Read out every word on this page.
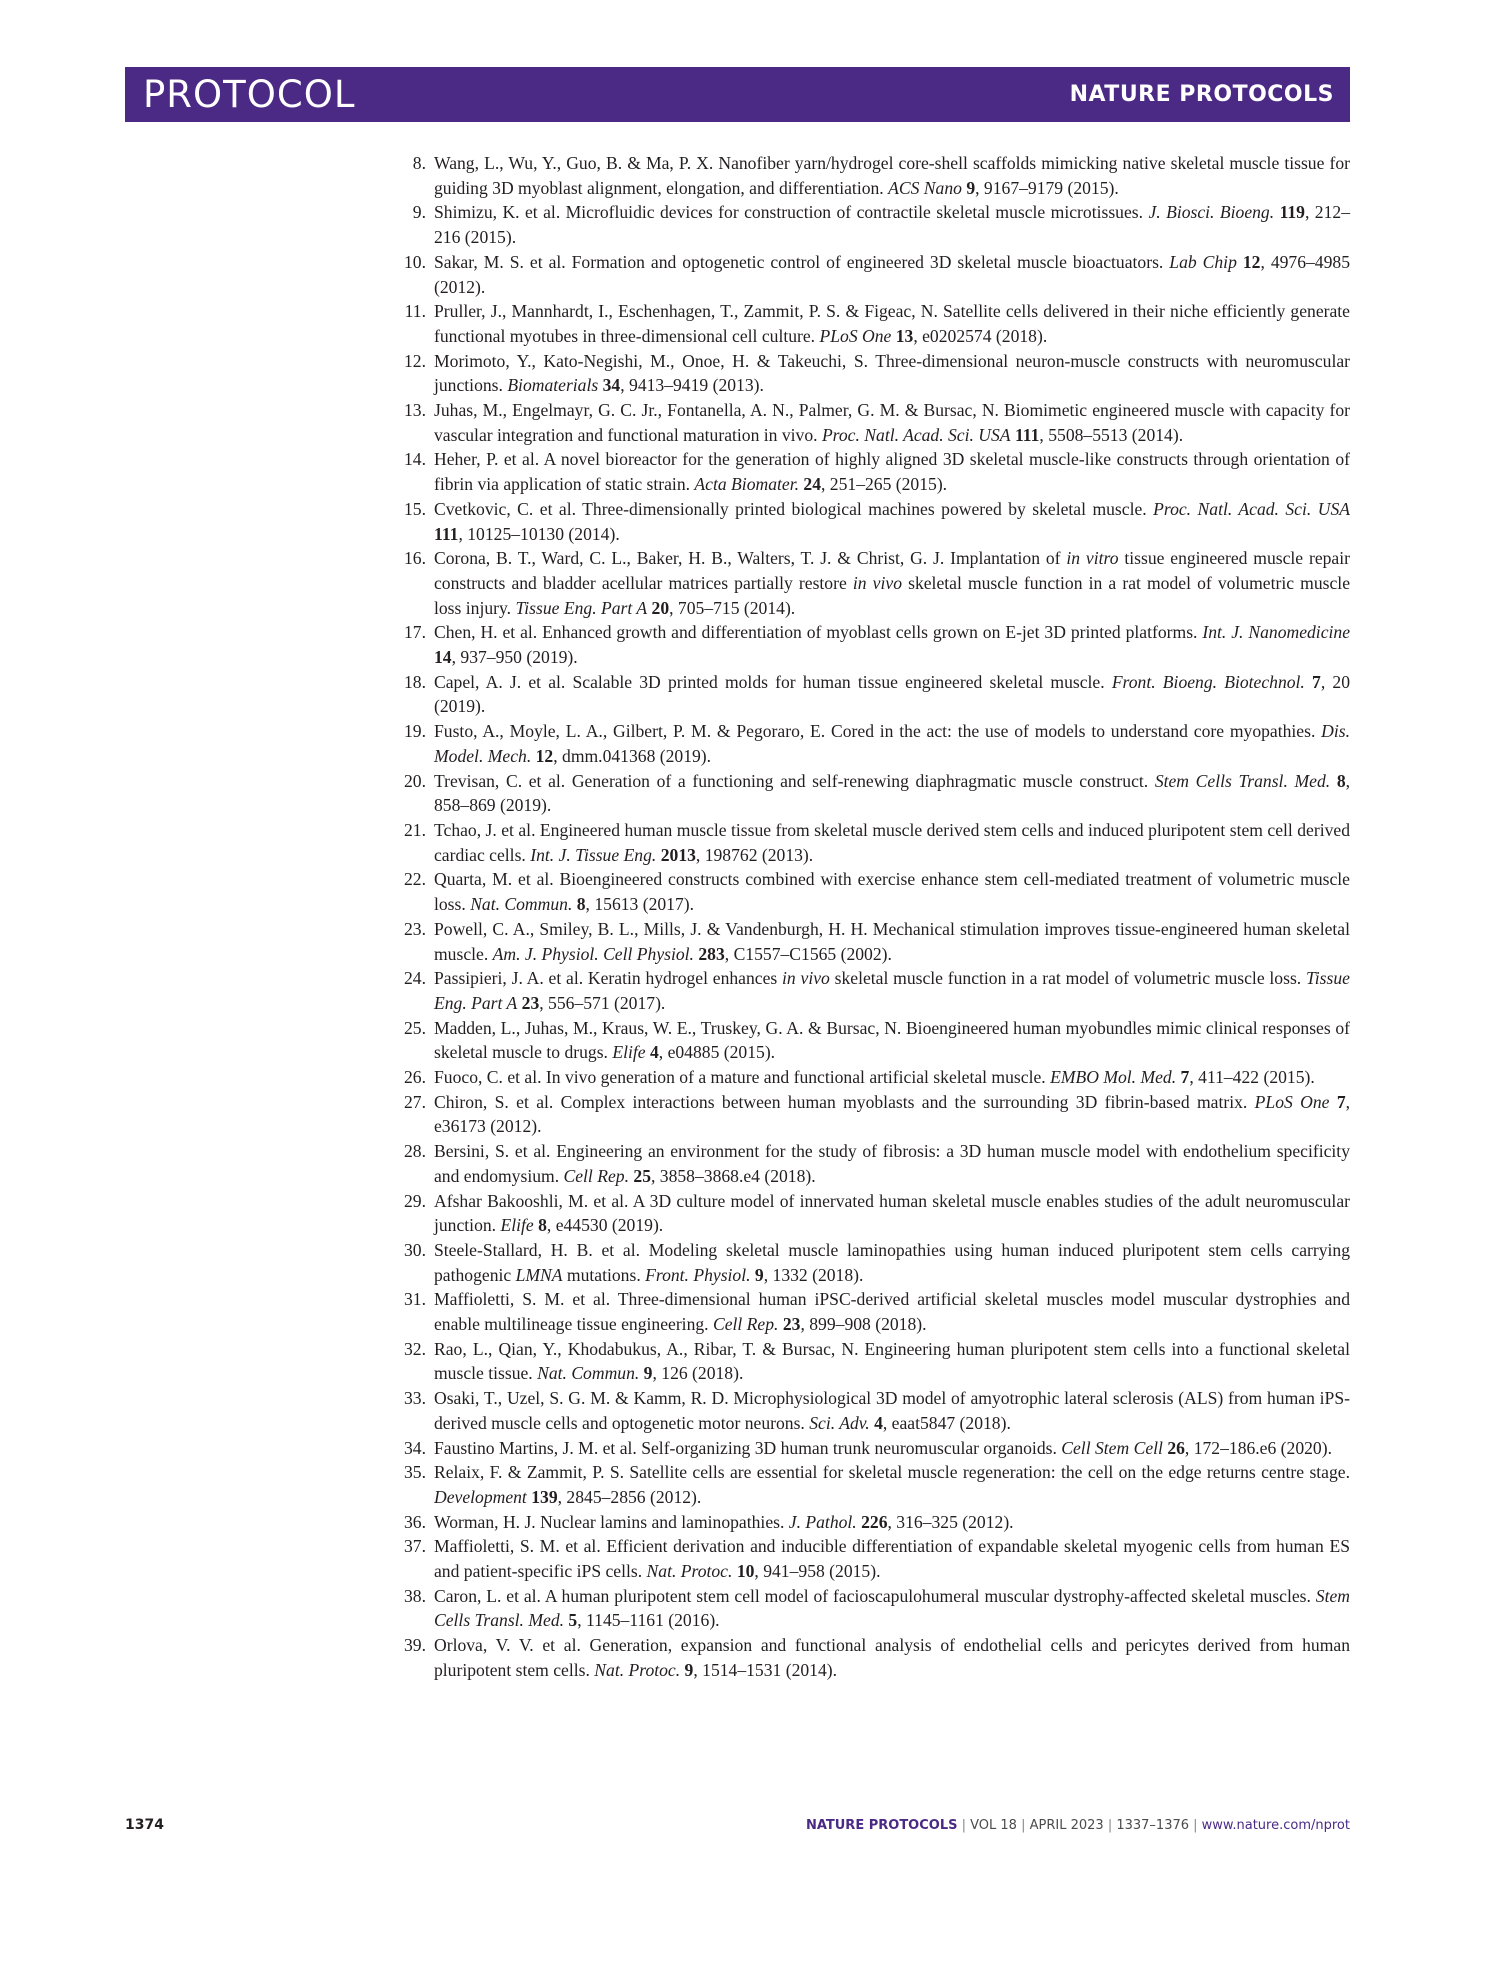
PROTOCOL	NATURE PROTOCOLS
8. Wang, L., Wu, Y., Guo, B. & Ma, P. X. Nanofiber yarn/hydrogel core-shell scaffolds mimicking native skeletal muscle tissue for guiding 3D myoblast alignment, elongation, and differentiation. ACS Nano 9, 9167–9179 (2015).
9. Shimizu, K. et al. Microfluidic devices for construction of contractile skeletal muscle microtissues. J. Biosci. Bioeng. 119, 212–216 (2015).
10. Sakar, M. S. et al. Formation and optogenetic control of engineered 3D skeletal muscle bioactuators. Lab Chip 12, 4976–4985 (2012).
11. Pruller, J., Mannhardt, I., Eschenhagen, T., Zammit, P. S. & Figeac, N. Satellite cells delivered in their niche efficiently generate functional myotubes in three-dimensional cell culture. PLoS One 13, e0202574 (2018).
12. Morimoto, Y., Kato-Negishi, M., Onoe, H. & Takeuchi, S. Three-dimensional neuron-muscle constructs with neuromuscular junctions. Biomaterials 34, 9413–9419 (2013).
13. Juhas, M., Engelmayr, G. C. Jr., Fontanella, A. N., Palmer, G. M. & Bursac, N. Biomimetic engineered muscle with capacity for vascular integration and functional maturation in vivo. Proc. Natl. Acad. Sci. USA 111, 5508–5513 (2014).
14. Heher, P. et al. A novel bioreactor for the generation of highly aligned 3D skeletal muscle-like constructs through orientation of fibrin via application of static strain. Acta Biomater. 24, 251–265 (2015).
15. Cvetkovic, C. et al. Three-dimensionally printed biological machines powered by skeletal muscle. Proc. Natl. Acad. Sci. USA 111, 10125–10130 (2014).
16. Corona, B. T., Ward, C. L., Baker, H. B., Walters, T. J. & Christ, G. J. Implantation of in vitro tissue engineered muscle repair constructs and bladder acellular matrices partially restore in vivo skeletal muscle function in a rat model of volumetric muscle loss injury. Tissue Eng. Part A 20, 705–715 (2014).
17. Chen, H. et al. Enhanced growth and differentiation of myoblast cells grown on E-jet 3D printed platforms. Int. J. Nanomedicine 14, 937–950 (2019).
18. Capel, A. J. et al. Scalable 3D printed molds for human tissue engineered skeletal muscle. Front. Bioeng. Biotechnol. 7, 20 (2019).
19. Fusto, A., Moyle, L. A., Gilbert, P. M. & Pegoraro, E. Cored in the act: the use of models to understand core myopathies. Dis. Model. Mech. 12, dmm.041368 (2019).
20. Trevisan, C. et al. Generation of a functioning and self-renewing diaphragmatic muscle construct. Stem Cells Transl. Med. 8, 858–869 (2019).
21. Tchao, J. et al. Engineered human muscle tissue from skeletal muscle derived stem cells and induced pluripotent stem cell derived cardiac cells. Int. J. Tissue Eng. 2013, 198762 (2013).
22. Quarta, M. et al. Bioengineered constructs combined with exercise enhance stem cell-mediated treatment of volumetric muscle loss. Nat. Commun. 8, 15613 (2017).
23. Powell, C. A., Smiley, B. L., Mills, J. & Vandenburgh, H. H. Mechanical stimulation improves tissue-engineered human skeletal muscle. Am. J. Physiol. Cell Physiol. 283, C1557–C1565 (2002).
24. Passipieri, J. A. et al. Keratin hydrogel enhances in vivo skeletal muscle function in a rat model of volumetric muscle loss. Tissue Eng. Part A 23, 556–571 (2017).
25. Madden, L., Juhas, M., Kraus, W. E., Truskey, G. A. & Bursac, N. Bioengineered human myobundles mimic clinical responses of skeletal muscle to drugs. Elife 4, e04885 (2015).
26. Fuoco, C. et al. In vivo generation of a mature and functional artificial skeletal muscle. EMBO Mol. Med. 7, 411–422 (2015).
27. Chiron, S. et al. Complex interactions between human myoblasts and the surrounding 3D fibrin-based matrix. PLoS One 7, e36173 (2012).
28. Bersini, S. et al. Engineering an environment for the study of fibrosis: a 3D human muscle model with endothelium specificity and endomysium. Cell Rep. 25, 3858–3868.e4 (2018).
29. Afshar Bakooshli, M. et al. A 3D culture model of innervated human skeletal muscle enables studies of the adult neuromuscular junction. Elife 8, e44530 (2019).
30. Steele-Stallard, H. B. et al. Modeling skeletal muscle laminopathies using human induced pluripotent stem cells carrying pathogenic LMNA mutations. Front. Physiol. 9, 1332 (2018).
31. Maffioletti, S. M. et al. Three-dimensional human iPSC-derived artificial skeletal muscles model muscular dystrophies and enable multilineage tissue engineering. Cell Rep. 23, 899–908 (2018).
32. Rao, L., Qian, Y., Khodabukus, A., Ribar, T. & Bursac, N. Engineering human pluripotent stem cells into a functional skeletal muscle tissue. Nat. Commun. 9, 126 (2018).
33. Osaki, T., Uzel, S. G. M. & Kamm, R. D. Microphysiological 3D model of amyotrophic lateral sclerosis (ALS) from human iPS-derived muscle cells and optogenetic motor neurons. Sci. Adv. 4, eaat5847 (2018).
34. Faustino Martins, J. M. et al. Self-organizing 3D human trunk neuromuscular organoids. Cell Stem Cell 26, 172–186.e6 (2020).
35. Relaix, F. & Zammit, P. S. Satellite cells are essential for skeletal muscle regeneration: the cell on the edge returns centre stage. Development 139, 2845–2856 (2012).
36. Worman, H. J. Nuclear lamins and laminopathies. J. Pathol. 226, 316–325 (2012).
37. Maffioletti, S. M. et al. Efficient derivation and inducible differentiation of expandable skeletal myogenic cells from human ES and patient-specific iPS cells. Nat. Protoc. 10, 941–958 (2015).
38. Caron, L. et al. A human pluripotent stem cell model of facioscapulohumeral muscular dystrophy-affected skeletal muscles. Stem Cells Transl. Med. 5, 1145–1161 (2016).
39. Orlova, V. V. et al. Generation, expansion and functional analysis of endothelial cells and pericytes derived from human pluripotent stem cells. Nat. Protoc. 9, 1514–1531 (2014).
1374	NATURE PROTOCOLS | VOL 18 | APRIL 2023 | 1337–1376 | www.nature.com/nprot
